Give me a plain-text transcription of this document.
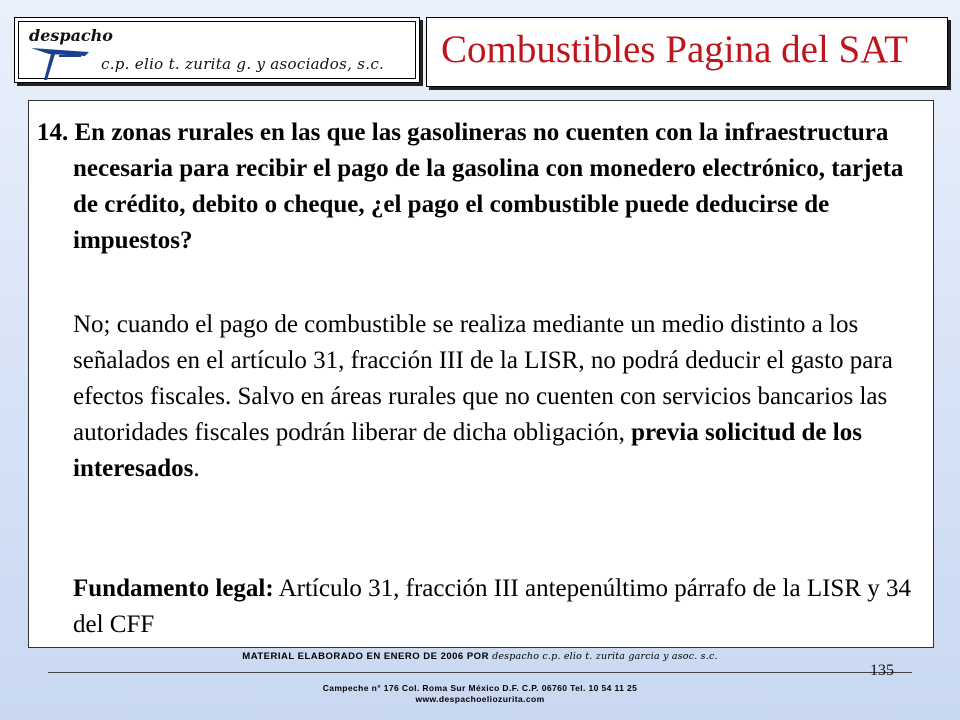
despacho
c.p. elio t. zurita g. y asociados, s.c. Combustibles Pagina del SAT
14. En zonas rurales en las que las gasolineras no cuenten con la infraestructura necesaria para recibir el pago de la gasolina con monedero electrónico, tarjeta de crédito, debito o cheque, ¿el pago el combustible puede deducirse de impuestos?
No; cuando el pago de combustible se realiza mediante un medio distinto a los señalados en el artículo 31, fracción III de la LISR, no podrá deducir el gasto para efectos fiscales. Salvo en áreas rurales que no cuenten con servicios bancarios las autoridades fiscales podrán liberar de dicha obligación, previa solicitud de los interesados.
Fundamento legal: Artículo 31, fracción III antepenúltimo párrafo de la LISR y 34 del CFF
MATERIAL ELABORADO EN ENERO DE 2006 POR despacho c.p. elio t. zurita garcia y asoc. s.c.
135
Campeche n° 176 Col. Roma Sur México D.F. C.P. 06760 Tel. 10 54 11 25
www.despachoeliozurita.com
